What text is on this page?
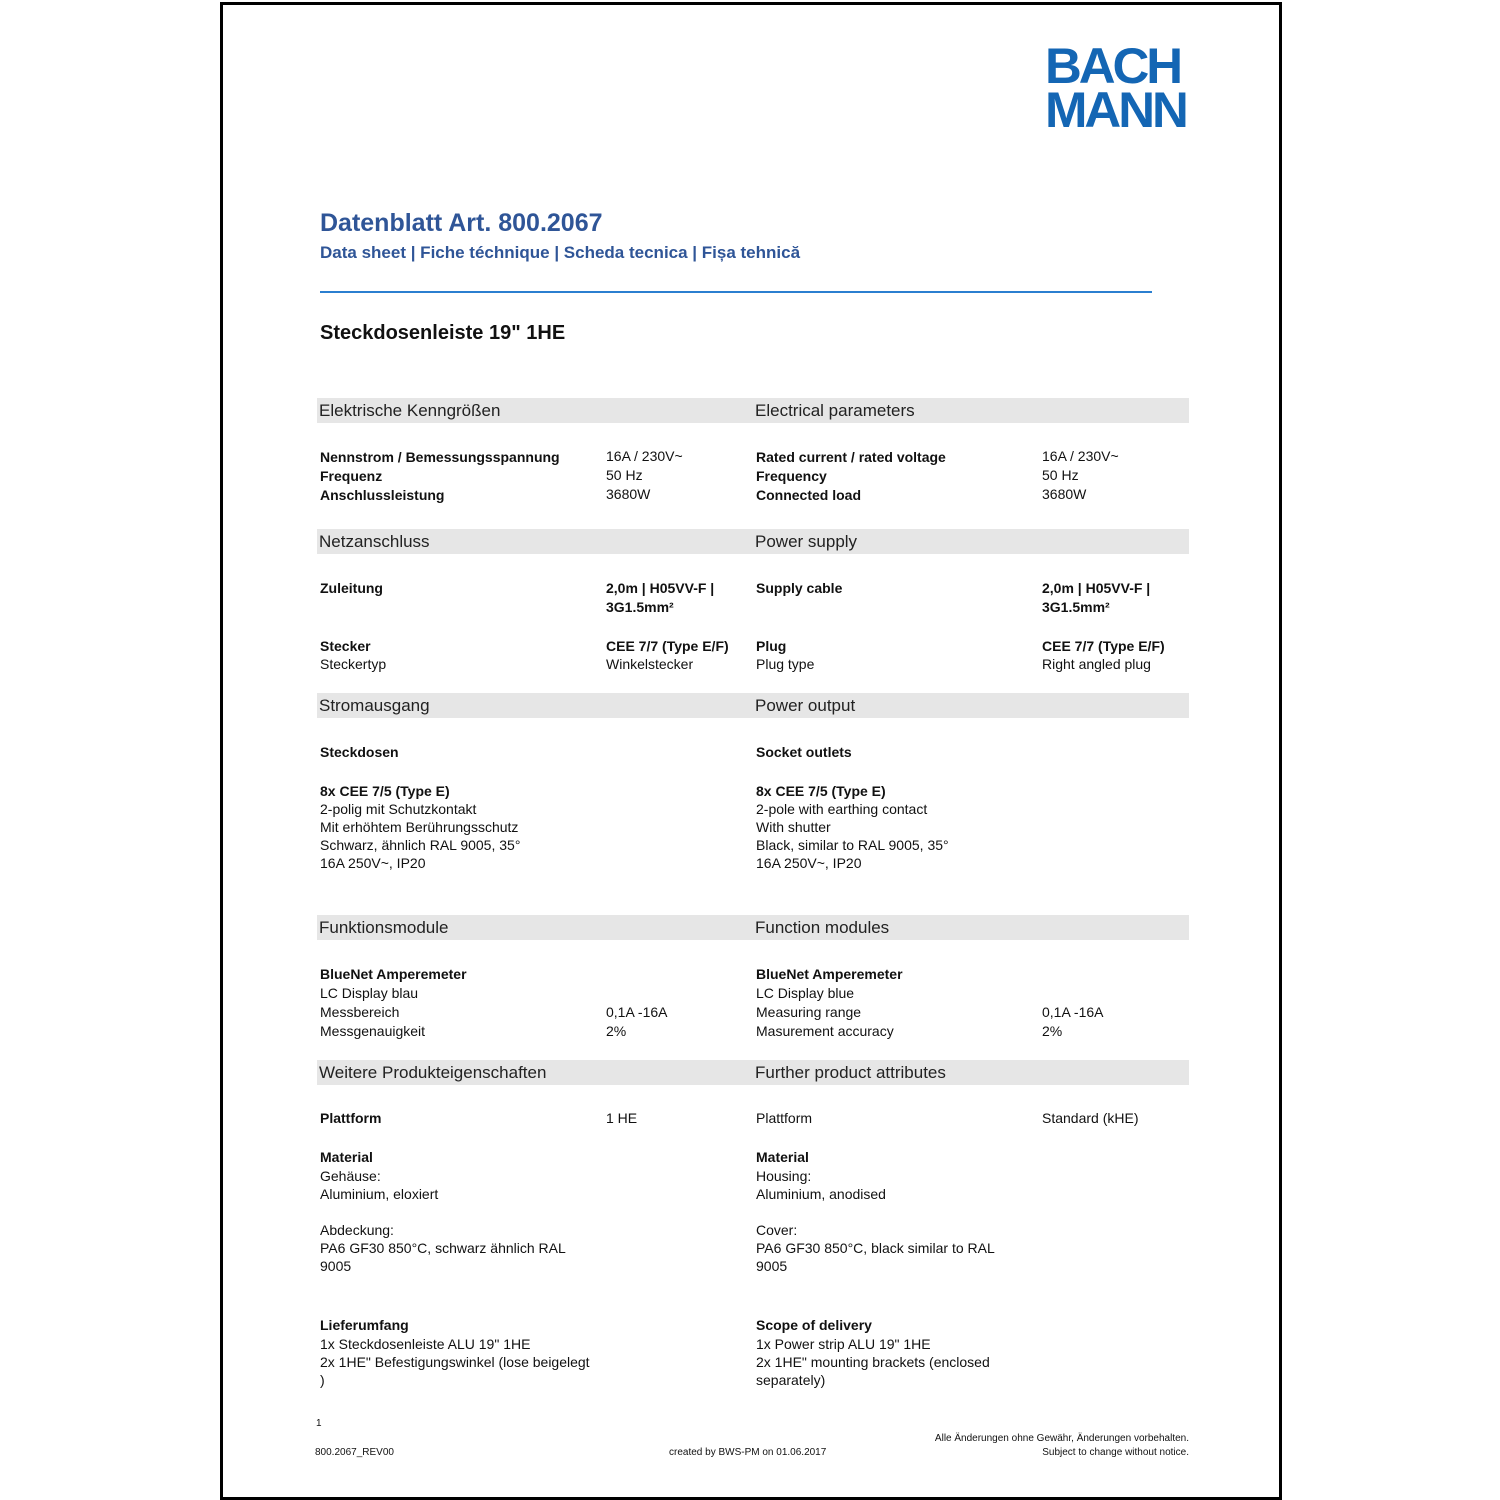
BACH
MANN
Datenblatt Art. 800.2067
Data sheet | Fiche téchnique | Scheda tecnica | Fișa tehnică
Steckdosenleiste 19" 1HE
Elektrische Kenngrößen	Electrical parameters
Nennstrom / Bemessungsspannung	16A / 230V~
Frequenz	50 Hz
Anschlussleistung	3680W
Rated current / rated voltage	16A / 230V~
Frequency	50 Hz
Connected load	3680W
Netzanschluss	Power supply
Zuleitung	2,0m | H05VV-F |
3G1.5mm²
Stecker	CEE 7/7 (Type E/F)
Steckertyp	Winkelstecker
Supply cable	2,0m | H05VV-F |
3G1.5mm²
Plug	CEE 7/7 (Type E/F)
Plug type	Right angled plug
Stromausgang	Power output
Steckdosen
8x CEE 7/5 (Type E)
2-polig mit Schutzkontakt
Mit erhöhtem Berührungsschutz
Schwarz, ähnlich RAL 9005, 35°
16A 250V~, IP20
Socket outlets
8x CEE 7/5 (Type E)
2-pole with earthing contact
With shutter
Black, similar to RAL 9005, 35°
16A 250V~, IP20
Funktionsmodule	Function modules
BlueNet Amperemeter
LC Display blau
Messbereich	0,1A -16A
Messgenauigkeit	2%
BlueNet Amperemeter
LC Display blue
Measuring range	0,1A -16A
Masurement accuracy	2%
Weitere Produkteigenschaften	Further product attributes
Plattform	1 HE
Material
Gehäuse:
Aluminium, eloxiert
Abdeckung:
PA6 GF30 850°C, schwarz ähnlich RAL
9005
Lieferumfang
1x Steckdosenleiste ALU 19" 1HE
2x 1HE" Befestigungswinkel (lose beigelegt
)
Plattform	Standard (kHE)
Material
Housing:
Aluminium, anodised
Cover:
PA6 GF30 850°C, black similar to RAL
9005
Scope of delivery
1x Power strip ALU 19" 1HE
2x 1HE" mounting brackets (enclosed
separately)
1
800.2067_REV00	created by BWS-PM on 01.06.2017
Alle Änderungen ohne Gewähr, Änderungen vorbehalten.
Subject to change without notice.
